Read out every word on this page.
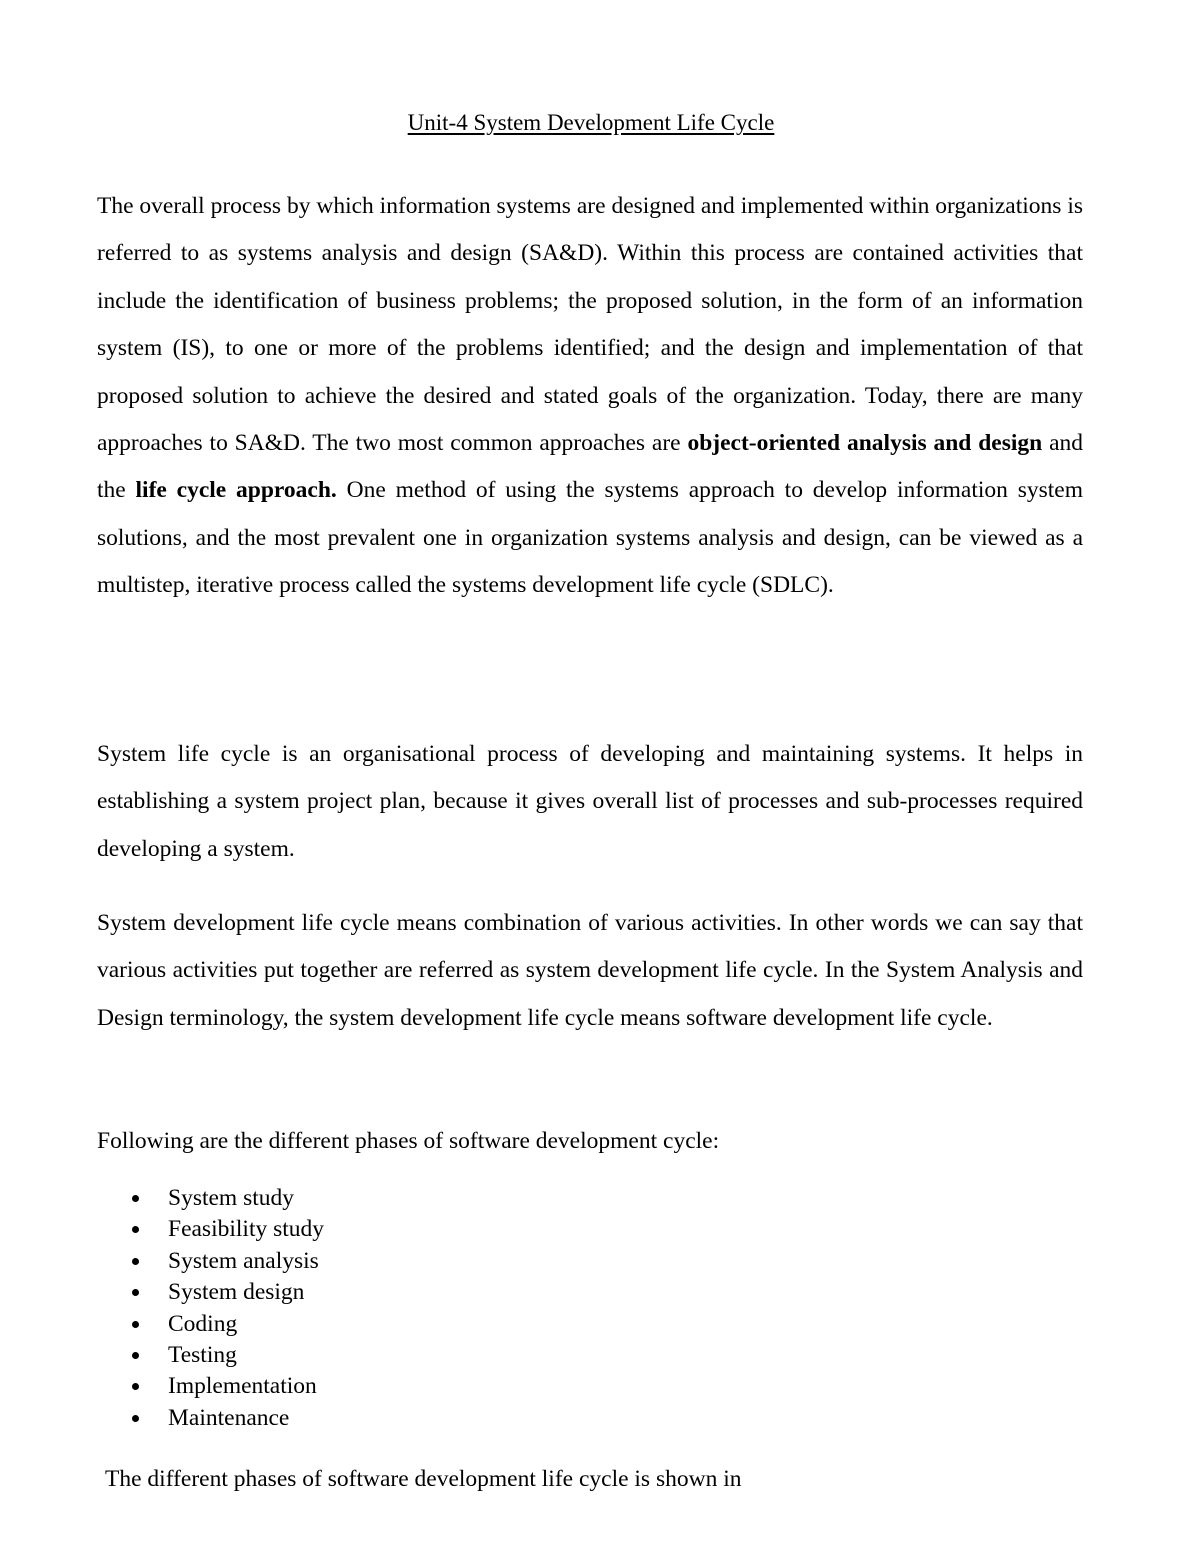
Unit-4 System Development Life Cycle

The overall process by which information systems are designed and implemented within organizations is referred to as systems analysis and design (SA&D). Within this process are contained activities that include the identification of business problems; the proposed solution, in the form of an information system (IS), to one or more of the problems identified; and the design and implementation of that proposed solution to achieve the desired and stated goals of the organization. Today, there are many approaches to SA&D. The two most common approaches are object-oriented analysis and design and the life cycle approach. One method of using the systems approach to develop information system solutions, and the most prevalent one in organization systems analysis and design, can be viewed as a multistep, iterative process called the systems development life cycle (SDLC).

System life cycle is an organisational process of developing and maintaining systems. It helps in establishing a system project plan, because it gives overall list of processes and sub-processes required developing a system.

System development life cycle means combination of various activities. In other words we can say that various activities put together are referred as system development life cycle. In the System Analysis and Design terminology, the system development life cycle means software development life cycle.

Following are the different phases of software development cycle:

System study
Feasibility study
System analysis
System design
Coding
Testing
Implementation
Maintenance

The different phases of software development life cycle is shown in
